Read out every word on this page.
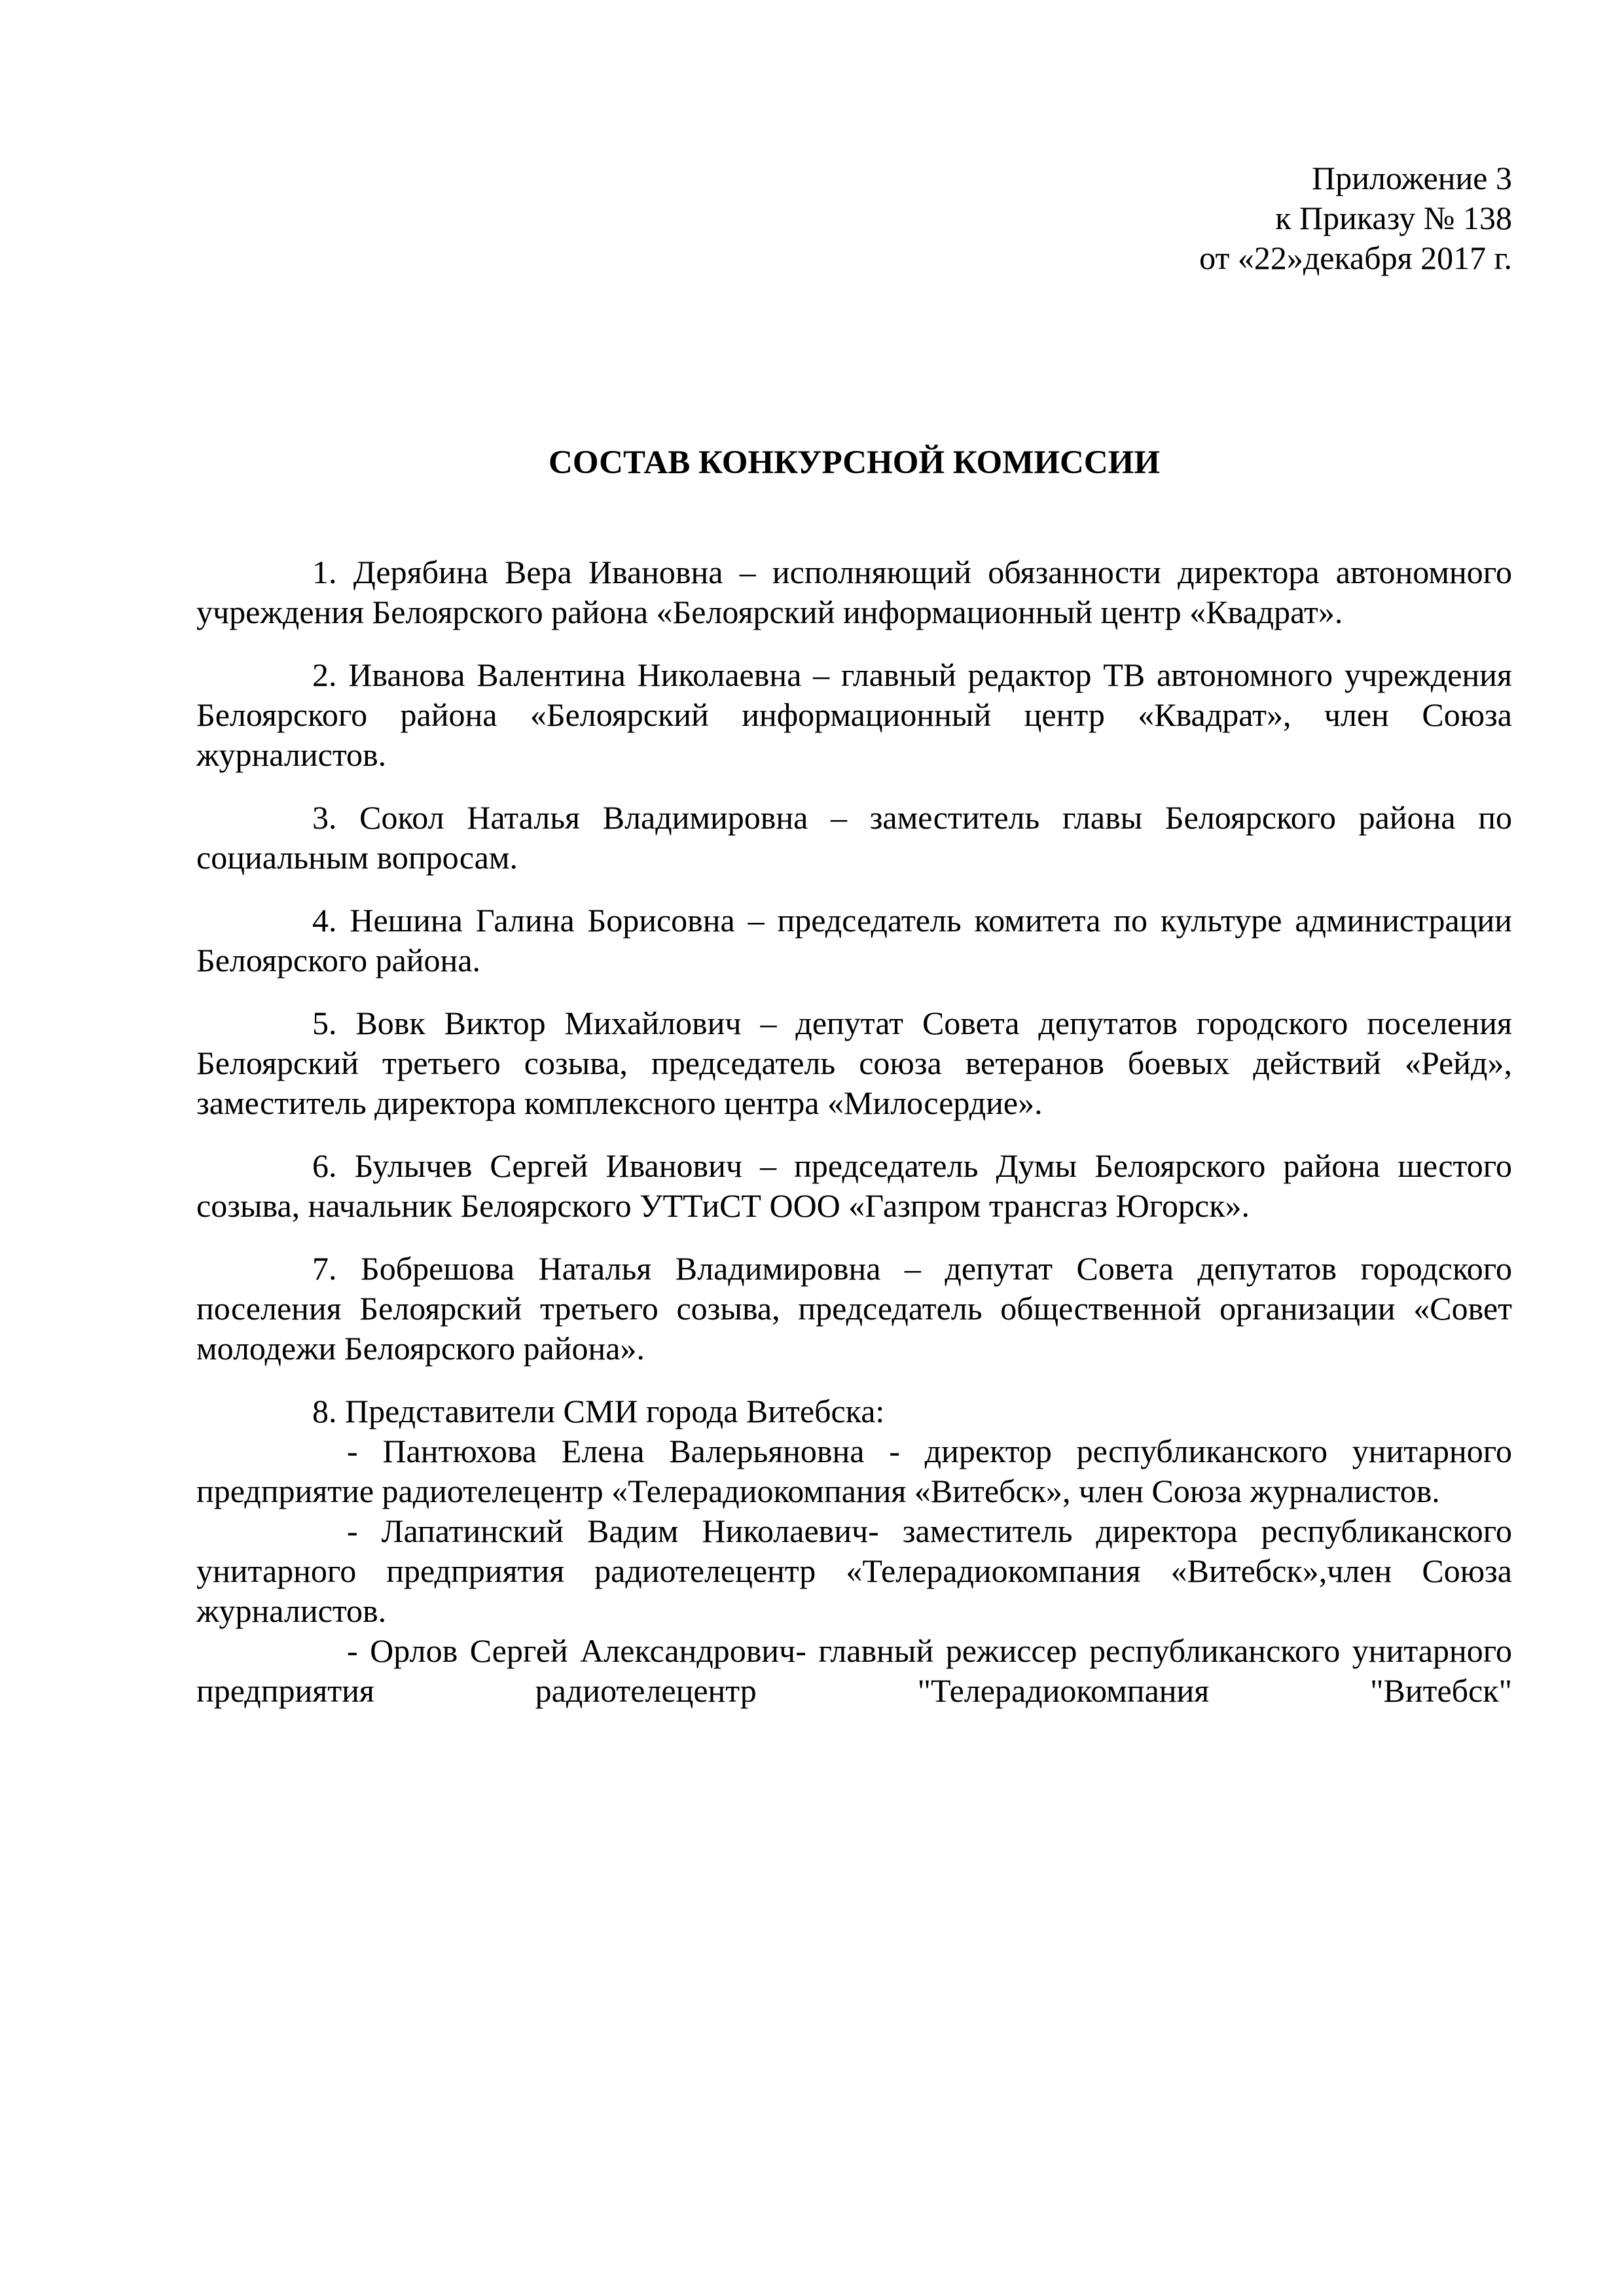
Приложение 3
к Приказу № 138
от «22»декабря 2017 г.
СОСТАВ КОНКУРСНОЙ КОМИССИИ

1. Дерябина Вера Ивановна – исполняющий обязанности директора автономного учреждения Белоярского района «Белоярский информационный центр «Квадрат».

2. Иванова Валентина Николаевна – главный редактор ТВ автономного учреждения Белоярского района «Белоярский информационный центр «Квадрат», член Союза журналистов.

3. Сокол Наталья Владимировна – заместитель главы Белоярского района по социальным вопросам.

4. Нешина Галина Борисовна – председатель комитета по культуре администрации Белоярского района.

5. Вовк Виктор Михайлович – депутат Совета депутатов городского поселения Белоярский третьего созыва, председатель союза ветеранов боевых действий «Рейд», заместитель директора комплексного центра «Милосердие».

6. Булычев Сергей Иванович – председатель Думы Белоярского района шестого созыва, начальник Белоярского УТТиСТ ООО «Газпром трансгаз Югорск».

7. Бобрешова Наталья Владимировна – депутат Совета депутатов городского поселения Белоярский третьего созыва, председатель общественной организации «Совет молодежи Белоярского района».

8. Представители СМИ города Витебска:

- Пантюхова Елена Валерьяновна - директор республиканского унитарного предприятие радиотелецентр «Телерадиокомпания «Витебск», член Союза журналистов.

- Лапатинский Вадим Николаевич- заместитель директора республиканского унитарного предприятия радиотелецентр «Телерадиокомпания «Витебск»,член Союза журналистов.

- Орлов Сергей Александрович- главный режиссер республиканского унитарного предприятия радиотелецентр "Телерадиокомпания "Витебск"
